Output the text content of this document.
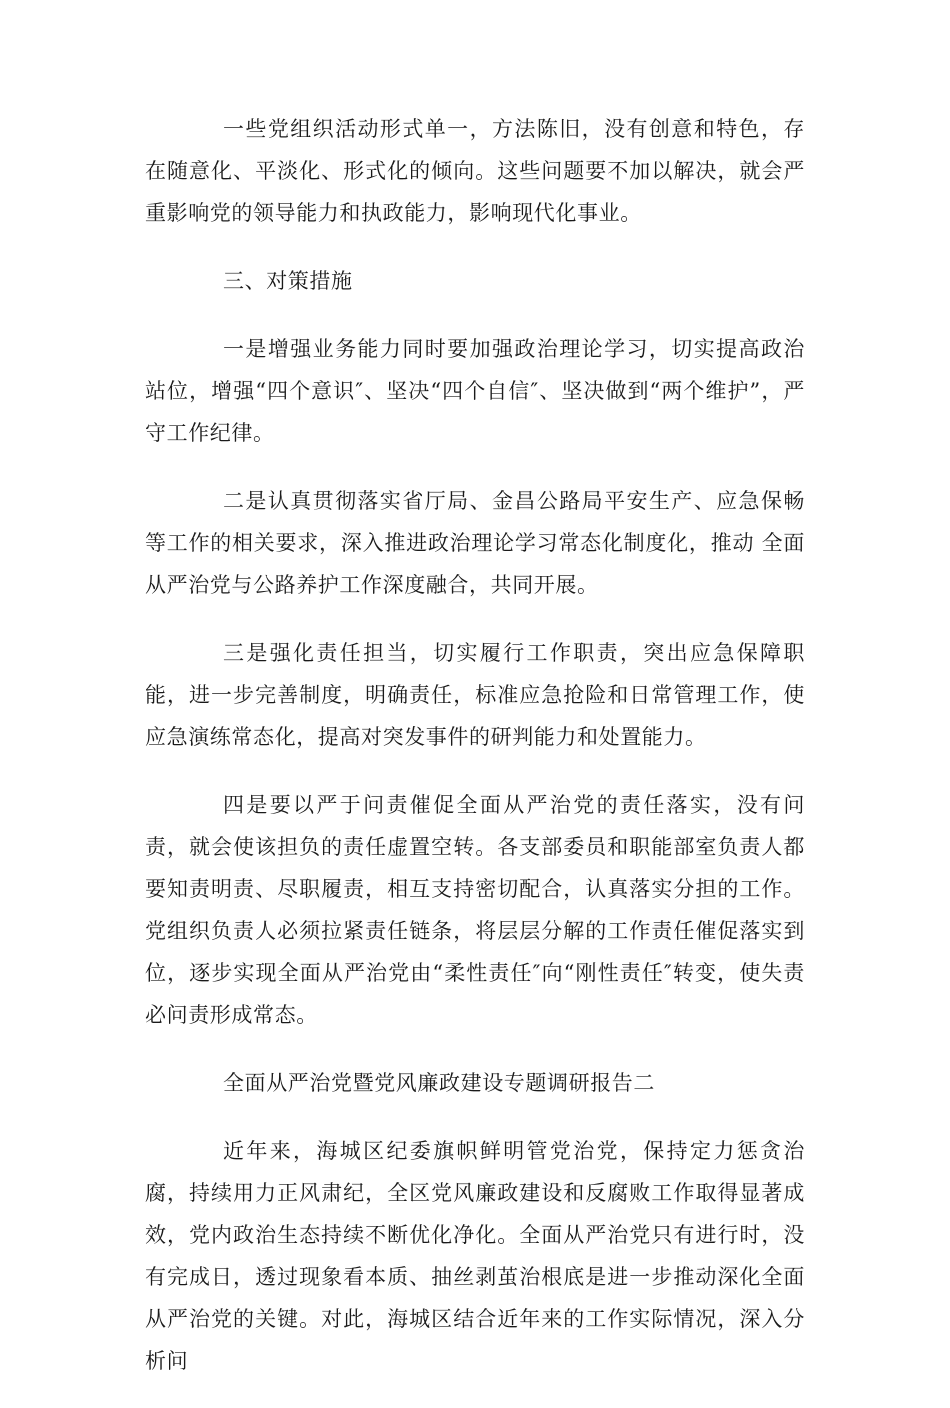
一些党组织活动形式单一，方法陈旧，没有创意和特色，存在随意化、平淡化、形式化的倾向。这些问题要不加以解决，就会严重影响党的领导能力和执政能力，影响现代化事业。

三、对策措施

一是增强业务能力同时要加强政治理论学习，切实提高政治站位，增强“四个意识″、坚决“四个自信″、坚决做到“两个维护”，严守工作纪律。

二是认真贯彻落实省厅局、金昌公路局平安生产、应急保畅等工作的相关要求，深入推进政治理论学习常态化制度化，推动 全面从严治党与公路养护工作深度融合，共同开展。

三是强化责任担当，切实履行工作职责，突出应急保障职能，进一步完善制度，明确责任，标准应急抢险和日常管理工作，使应急演练常态化，提高对突发事件的研判能力和处置能力。

四是要以严于问责催促全面从严治党的责任落实，没有问责，就会使该担负的责任虚置空转。各支部委员和职能部室负责人都 要知责明责、尽职履责，相互支持密切配合，认真落实分担的工作。党组织负责人必须拉紧责任链条，将层层分解的工作责任催促落实到位，逐步实现全面从严治党由“柔性责任″向“刚性责任″转变，使失责必问责形成常态。

全面从严治党暨党风廉政建设专题调研报告二

近年来，海城区纪委旗帜鲜明管党治党，保持定力惩贪治腐，持续用力正风肃纪，全区党风廉政建设和反腐败工作取得显著成效，党内政治生态持续不断优化净化。全面从严治党只有进行时，没有完成日，透过现象看本质、抽丝剥茧治根底是进一步推动深化全面从严治党的关键。对此，海城区结合近年来的工作实际情况，深入分析问
